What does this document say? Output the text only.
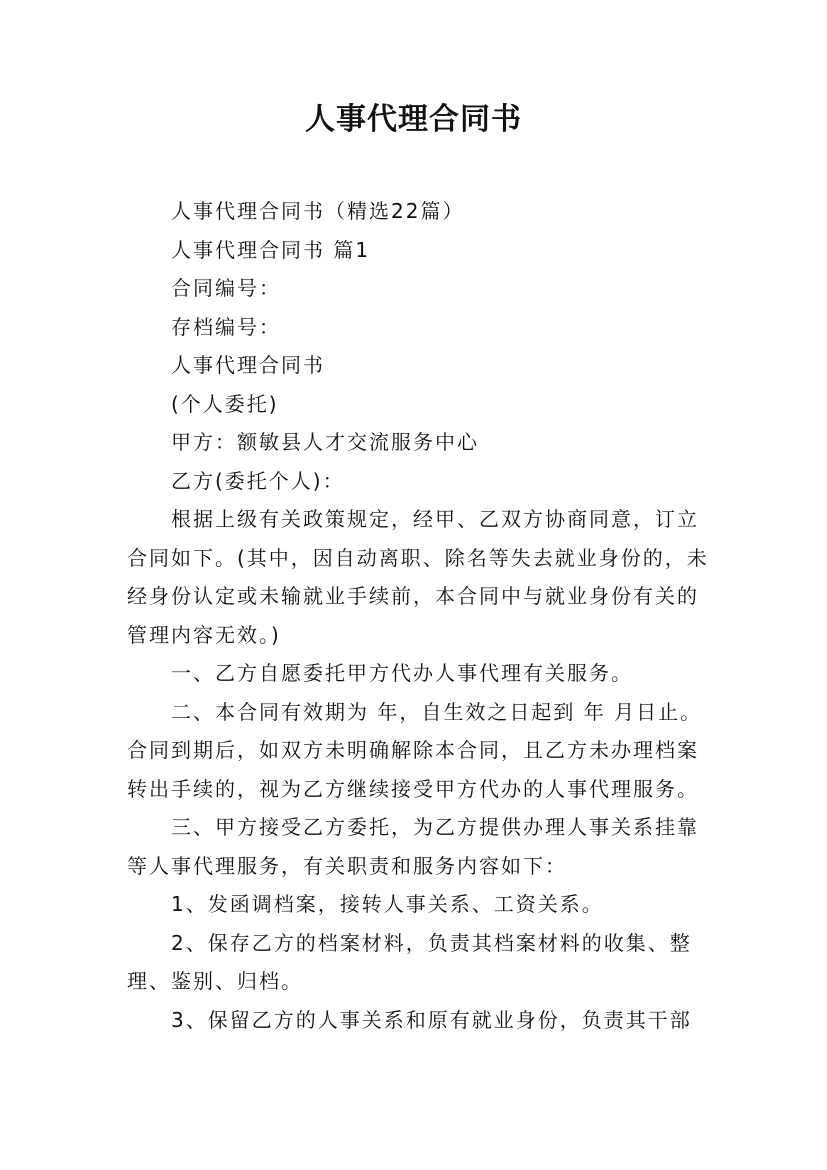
人事代理合同书

人事代理合同书（精选22篇）

人事代理合同书 篇1

合同编号：

存档编号：

人事代理合同书

(个人委托)

甲方：额敏县人才交流服务中心

乙方(委托个人)：

根据上级有关政策规定，经甲、乙双方协商同意，订立合同如下。(其中，因自动离职、除名等失去就业身份的，未经身份认定或未输就业手续前，本合同中与就业身份有关的管理内容无效。)

一、乙方自愿委托甲方代办人事代理有关服务。

二、本合同有效期为 年，自生效之日起到 年 月日止。合同到期后，如双方未明确解除本合同，且乙方未办理档案转出手续的，视为乙方继续接受甲方代办的人事代理服务。

三、甲方接受乙方委托，为乙方提供办理人事关系挂靠等人事代理服务，有关职责和服务内容如下：

1、发函调档案，接转人事关系、工资关系。

2、保存乙方的档案材料，负责其档案材料的收集、整理、鉴别、归档。

3、保留乙方的人事关系和原有就业身份，负责其干部
